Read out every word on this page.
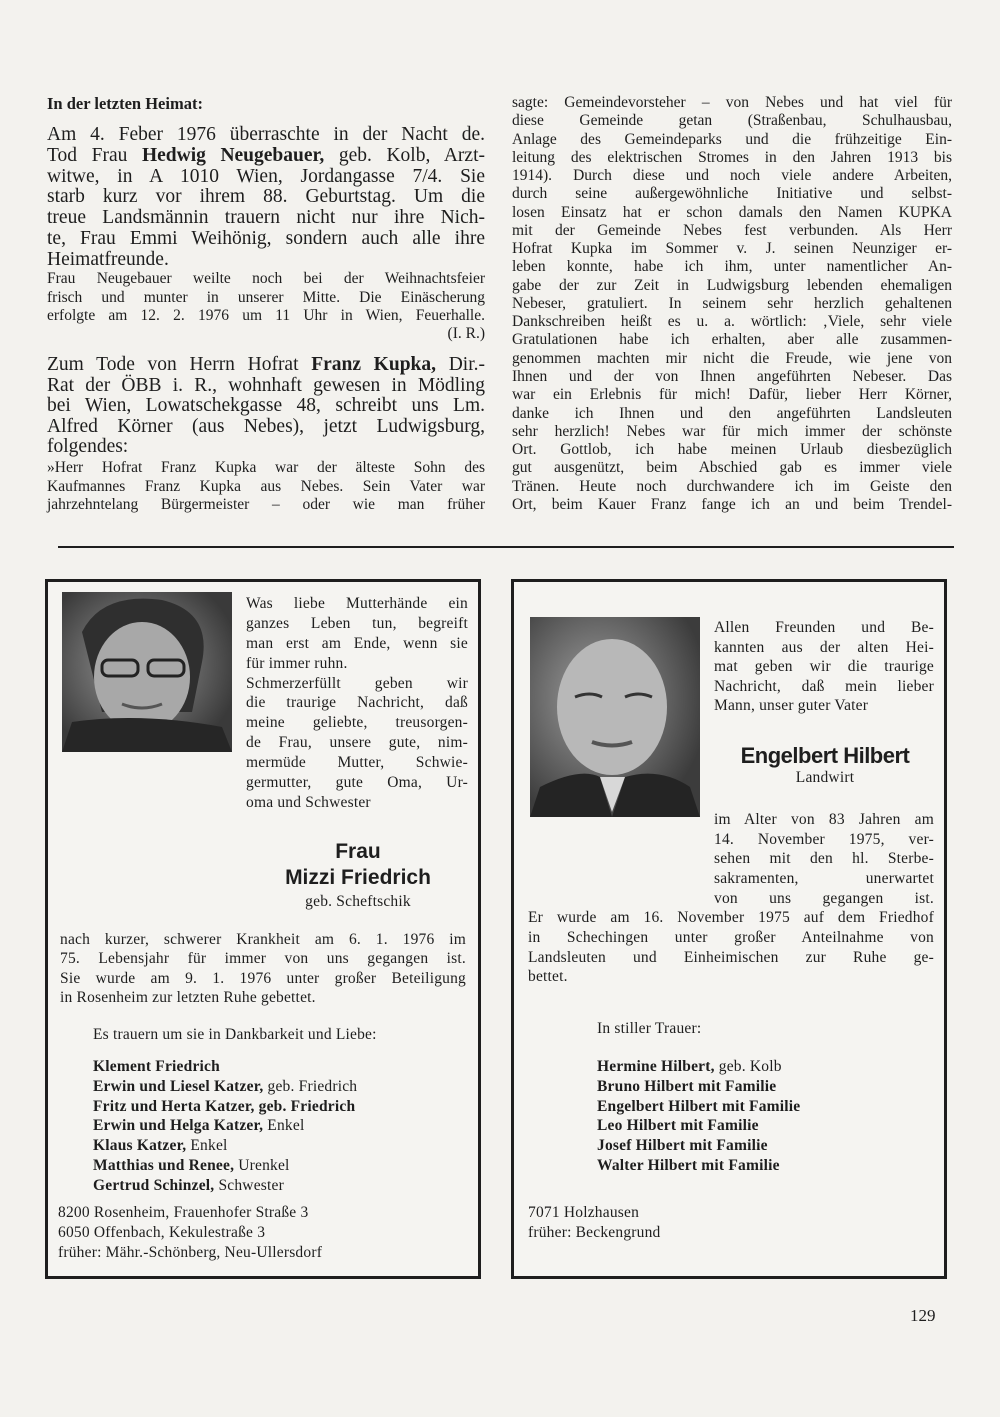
In der letzten Heimat:
Am 4. Feber 1976 überraschte in der Nacht de.
Tod Frau Hedwig Neugebauer, geb. Kolb, Arzt-
witwe, in A 1010 Wien, Jordangasse 7/4. Sie
starb kurz vor ihrem 88. Geburtstag. Um die
treue Landsmännin trauern nicht nur ihre Nich-
te, Frau Emmi Weihönig, sondern auch alle ihre
Heimatfreunde.
Frau Neugebauer weilte noch bei der Weihnachtsfeier
frisch und munter in unserer Mitte. Die Einäscherung
erfolgte am 12. 2. 1976 um 11 Uhr in Wien, Feuerhalle.
(I. R.)
Zum Tode von Herrn Hofrat Franz Kupka, Dir.-
Rat der ÖBB i. R., wohnhaft gewesen in Mödling
bei Wien, Lowatschekgasse 48, schreibt uns Lm.
Alfred Körner (aus Nebes), jetzt Ludwigsburg,
folgendes:
»Herr Hofrat Franz Kupka war der älteste Sohn des
Kaufmannes Franz Kupka aus Nebes. Sein Vater war
jahrzehntelang Bürgermeister – oder wie man früher
sagte: Gemeindevorsteher – von Nebes und hat viel für
diese Gemeinde getan (Straßenbau, Schulhausbau,
Anlage des Gemeindeparks und die frühzeitige Ein-
leitung des elektrischen Stromes in den Jahren 1913 bis
1914). Durch diese und noch viele andere Arbeiten,
durch seine außergewöhnliche Initiative und selbst-
losen Einsatz hat er schon damals den Namen KUPKA
mit der Gemeinde Nebes fest verbunden. Als Herr
Hofrat Kupka im Sommer v. J. seinen Neunziger er-
leben konnte, habe ich ihm, unter namentlicher An-
gabe der zur Zeit in Ludwigsburg lebenden ehemaligen
Nebeser, gratuliert. In seinem sehr herzlich gehaltenen
Dankschreiben heißt es u. a. wörtlich: ‚Viele, sehr viele
Gratulationen habe ich erhalten, aber alle zusammen-
genommen machten mir nicht die Freude, wie jene von
Ihnen und der von Ihnen angeführten Nebeser. Das
war ein Erlebnis für mich! Dafür, lieber Herr Körner,
danke ich Ihnen und den angeführten Landsleuten
sehr herzlich! Nebes war für mich immer der schönste
Ort. Gottlob, ich habe meinen Urlaub diesbezüglich
gut ausgenützt, beim Abschied gab es immer viele
Tränen. Heute noch durchwandere ich im Geiste den
Ort, beim Kauer Franz fange ich an und beim Trendel-
Was liebe Mutterhände ein
ganzes Leben tun, begreift
man erst am Ende, wenn sie
für immer ruhn.
Schmerzerfüllt geben wir
die traurige Nachricht, daß
meine geliebte, treusorgen-
de Frau, unsere gute, nim-
mermüde Mutter, Schwie-
germutter, gute Oma, Ur-
oma und Schwester
Frau
Mizzi Friedrich
geb. Scheftschik
nach kurzer, schwerer Krankheit am 6. 1. 1976 im
75. Lebensjahr für immer von uns gegangen ist.
Sie wurde am 9. 1. 1976 unter großer Beteiligung
in Rosenheim zur letzten Ruhe gebettet.
Es trauern um sie in Dankbarkeit und Liebe:
Klement Friedrich
Erwin und Liesel Katzer, geb. Friedrich
Fritz und Herta Katzer, geb. Friedrich
Erwin und Helga Katzer, Enkel
Klaus Katzer, Enkel
Matthias und Renee, Urenkel
Gertrud Schinzel, Schwester
8200 Rosenheim, Frauenhofer Straße 3
6050 Offenbach, Kekulestraße 3
früher: Mähr.-Schönberg, Neu-Ullersdorf
Allen Freunden und Be-
kannten aus der alten Hei-
mat geben wir die traurige
Nachricht, daß mein lieber
Mann, unser guter Vater
Engelbert Hilbert
Landwirt
im Alter von 83 Jahren am
14. November 1975, ver-
sehen mit den hl. Sterbe-
sakramenten, unerwartet
von uns gegangen ist.
Er wurde am 16. November 1975 auf dem Friedhof
in Schechingen unter großer Anteilnahme von
Landsleuten und Einheimischen zur Ruhe ge-
bettet.
In stiller Trauer:
Hermine Hilbert, geb. Kolb
Bruno Hilbert mit Familie
Engelbert Hilbert mit Familie
Leo Hilbert mit Familie
Josef Hilbert mit Familie
Walter Hilbert mit Familie
7071 Holzhausen
früher: Beckengrund
129
